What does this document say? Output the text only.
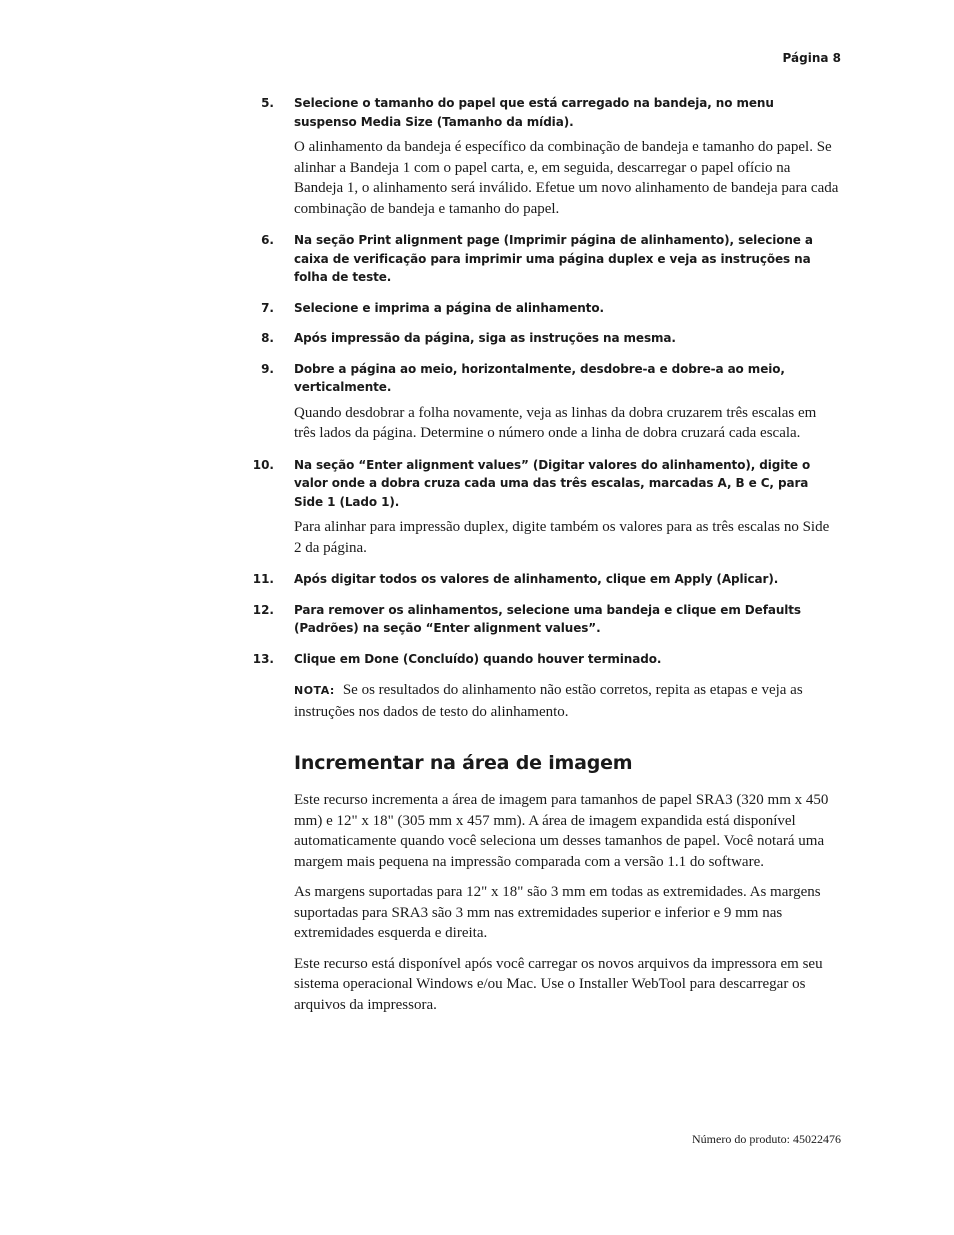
Página 8
5. Selecione o tamanho do papel que está carregado na bandeja, no menu suspenso Media Size (Tamanho da mídia).
O alinhamento da bandeja é específico da combinação de bandeja e tamanho do papel. Se alinhar a Bandeja 1 com o papel carta, e, em seguida, descarregar o papel ofício na Bandeja 1, o alinhamento será inválido. Efetue um novo alinhamento de bandeja para cada combinação de bandeja e tamanho do papel.
6. Na seção Print alignment page (Imprimir página de alinhamento), selecione a caixa de verificação para imprimir uma página duplex e veja as instruções na folha de teste.
7. Selecione e imprima a página de alinhamento.
8. Após impressão da página, siga as instruções na mesma.
9. Dobre a página ao meio, horizontalmente, desdobre-a e dobre-a ao meio, verticalmente.
Quando desdobrar a folha novamente, veja as linhas da dobra cruzarem três escalas em três lados da página. Determine o número onde a linha de dobra cruzará cada escala.
10. Na seção “Enter alignment values” (Digitar valores do alinhamento), digite o valor onde a dobra cruza cada uma das três escalas, marcadas A, B e C, para Side 1 (Lado 1).
Para alinhar para impressão duplex, digite também os valores para as três escalas no Side 2 da página.
11. Após digitar todos os valores de alinhamento, clique em Apply (Aplicar).
12. Para remover os alinhamentos, selecione uma bandeja e clique em Defaults (Padrões) na seção “Enter alignment values”.
13. Clique em Done (Concluído) quando houver terminado.
NOTA: Se os resultados do alinhamento não estão corretos, repita as etapas e veja as instruções nos dados de testo do alinhamento.
Incrementar na área de imagem

Este recurso incrementa a área de imagem para tamanhos de papel SRA3 (320 mm x 450 mm) e 12" x 18" (305 mm x 457 mm). A área de imagem expandida está disponível automaticamente quando você seleciona um desses tamanhos de papel. Você notará uma margem mais pequena na impressão comparada com a versão 1.1 do software.

As margens suportadas para 12" x 18" são 3 mm em todas as extremidades. As margens suportadas para SRA3 são 3 mm nas extremidades superior e inferior e 9 mm nas extremidades esquerda e direita.

Este recurso está disponível após você carregar os novos arquivos da impressora em seu sistema operacional Windows e/ou Mac. Use o Installer WebTool para descarregar os arquivos da impressora.

Número do produto: 45022476
